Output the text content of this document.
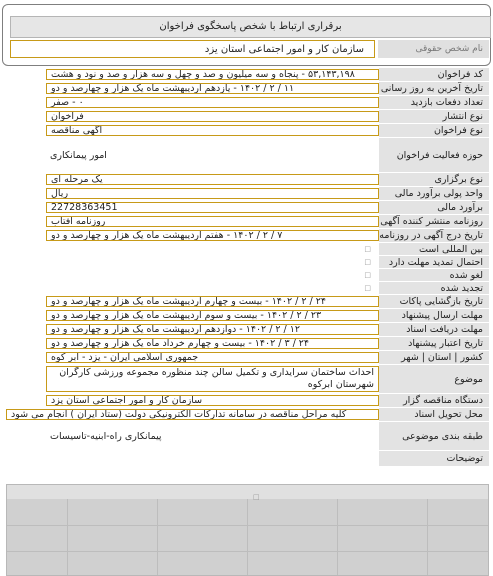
برقراری ارتباط با شخص پاسخگوی فراخوان
سازمان کار و امور اجتماعی استان یزد	نام شخص حقوقی
کد فراخوان
۵۳,۱۴۳,۱۹۸ - پنجاه و سه میلیون و صد و چهل و سه هزار و صد و نود و هشت
تاریخ آخرین به روز رسانی
۱۱ / ۲ / ۱۴۰۲ - یازدهم اردیبهشت ماه یک هزار و چهارصد و دو
تعداد دفعات بازدید
۰ - صفر
نوع انتشار
فراخوان
نوع فراخوان
آگهی مناقصه
حوزه فعالیت فراخوان
امور پیمانکاری
نوع برگزاری
یک مرحله ای
واحد پولی برآورد مالی
ریال
برآورد مالی
22728363451
روزنامه منتشر کننده آگهی
روزنامه آفتاب
تاریخ درج آگهی در روزنامه
۷ / ۲ / ۱۴۰۲ - هفتم اردیبهشت ماه یک هزار و چهارصد و دو
بین المللی است
□
احتمال تمدید مهلت دارد
□
لغو شده
□
تجدید شده
□
تاریخ بازگشایی پاکات
۲۴ / ۲ / ۱۴۰۲ - بیست و چهارم اردیبهشت ماه یک هزار و چهارصد و دو
مهلت ارسال پیشنهاد
۲۳ / ۲ / ۱۴۰۲ - بیست و سوم اردیبهشت ماه یک هزار و چهارصد و دو
مهلت دریافت اسناد
۱۲ / ۲ / ۱۴۰۲ - دوازدهم اردیبهشت ماه یک هزار و چهارصد و دو
تاریخ اعتبار پیشنهاد
۲۴ / ۳ / ۱۴۰۲ - بیست و چهارم خرداد ماه یک هزار و چهارصد و دو
کشور | استان | شهر
جمهوری اسلامی ایران - یزد - ابر کوه
موضوع
احداث ساختمان سرایداری و تکمیل سالن چند منظوره مجموعه ورزشی کارگران شهرستان ابرکوه
دستگاه مناقصه گزار
سازمان کار و امور اجتماعی استان یزد
محل تحویل اسناد
کلیه مراحل مناقصه در سامانه تدارکات الکترونیکی دولت (ستاد ایران ) انجام می شود
طبقه بندی موضوعی
پیمانکاری راه-ابنیه-تاسیسات
توضیحات
□
